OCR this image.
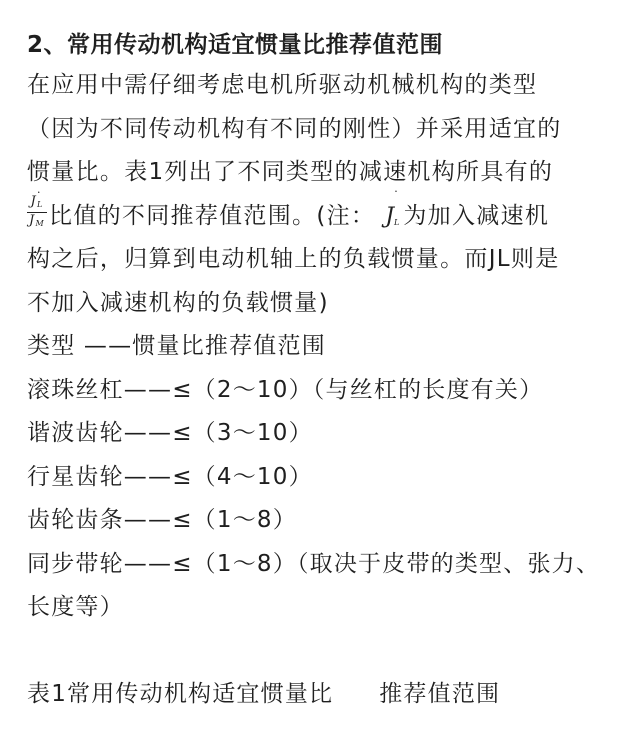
2、常用传动机构适宜惯量比推荐值范围
在应用中需仔细考虑电机所驱动机械机构的类型
（因为不同传动机构有不同的刚性）并采用适宜的
惯量比。表1列出了不同类型的减速机构所具有的
·
$J_L$
$J_M$ 比值的不同推荐值范围。(注：
·
$J_L$ 为加入减速机
构之后，归算到电动机轴上的负载惯量。而JL则是
不加入减速机构的负载惯量)
类型 ——惯量比推荐值范围
滚珠丝杠——≤（2～10）（与丝杠的长度有关）
谐波齿轮——≤（3～10）
行星齿轮——≤（4～10）
齿轮齿条——≤（1～8）
同步带轮——≤（1～8）（取决于皮带的类型、张力、
长度等）
表1常用传动机构适宜惯量比 推荐值范围
